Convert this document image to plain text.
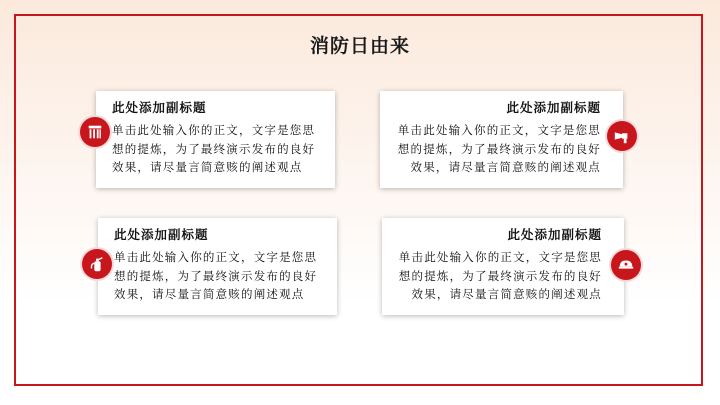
消防日由来
此处添加副标题

单击此处输入你的正文，文字是您思
想的提炼，为了最终演示发布的良好
效果，请尽量言简意赅的阐述观点

此处添加副标题

单击此处输入你的正文，文字是您思
想的提炼，为了最终演示发布的良好
效果，请尽量言简意赅的阐述观点

此处添加副标题

单击此处输入你的正文，文字是您思
想的提炼，为了最终演示发布的良好
效果，请尽量言简意赅的阐述观点

此处添加副标题

单击此处输入你的正文，文字是您思
想的提炼，为了最终演示发布的良好
效果，请尽量言简意赅的阐述观点
